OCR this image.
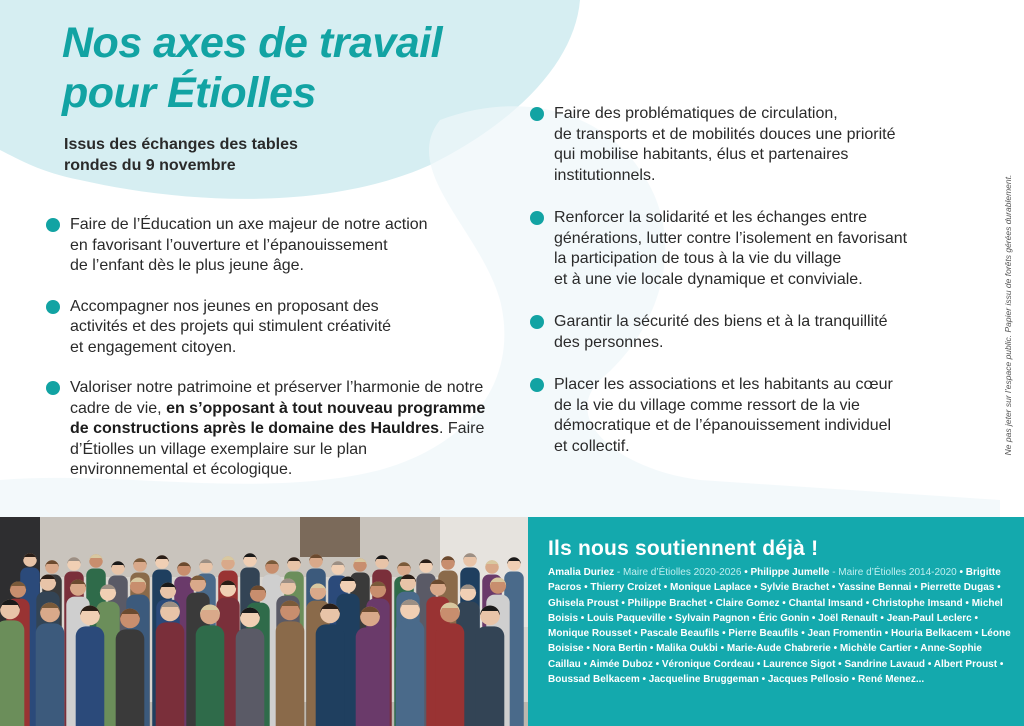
Nos axes de travail
pour Étiolles
Issus des échanges des tables
rondes du 9 novembre
Faire de l’Éducation un axe majeur de notre action
en favorisant l’ouverture et l’épanouissement
de l’enfant dès le plus jeune âge.
Accompagner nos jeunes en proposant des
activités et des projets qui stimulent créativité
et engagement citoyen.
Valoriser notre patrimoine et préserver l’harmonie de notre cadre de vie, en s’opposant à tout nouveau programme de constructions après le domaine des Hauldres. Faire d’Étiolles un village exemplaire sur le plan environnemental et écologique.
Faire des problématiques de circulation,
de transports et de mobilités douces une priorité
qui mobilise habitants, élus et partenaires
institutionnels.
Renforcer la solidarité et les échanges entre
générations, lutter contre l’isolement en favorisant
la participation de tous à la vie du village
et à une vie locale dynamique et conviviale.
Garantir la sécurité des biens et à la tranquillité
des personnes.
Placer les associations et les habitants au cœur
de la vie du village comme ressort de la vie
démocratique et de l’épanouissement individuel
et collectif.	Ne pas jeter sur l’espace public. Papier issu de forêts gérées durablement.
Ils nous soutiennent déjà !
Amalia Duriez - Maire d’Étiolles 2020-2026 • Philippe Jumelle - Maire d’Étiolles 2014-2020 • Brigitte Pacros • Thierry Croizet • Monique Laplace • Sylvie Brachet • Yassine Bennai • Pierrette Dugas • Ghisela Proust • Philippe Brachet • Claire Gomez • Chantal Imsand • Christophe Imsand • Michel Boisis • Louis Paqueville • Sylvain Pagnon • Éric Gonin • Joël Renault • Jean-Paul Leclerc • Monique Rousset • Pascale Beaufils • Pierre Beaufils • Jean Fromentin • Houria Belkacem • Léone Boisise • Nora Bertin • Malika Oukbi • Marie-Aude Chabrerie • Michèle Cartier • Anne-Sophie Caillau • Aimée Duboz • Véronique Cordeau • Laurence Sigot • Sandrine Lavaud • Albert Proust • Boussad Belkacem • Jacqueline Bruggeman • Jacques Pellosio • René Menez...
